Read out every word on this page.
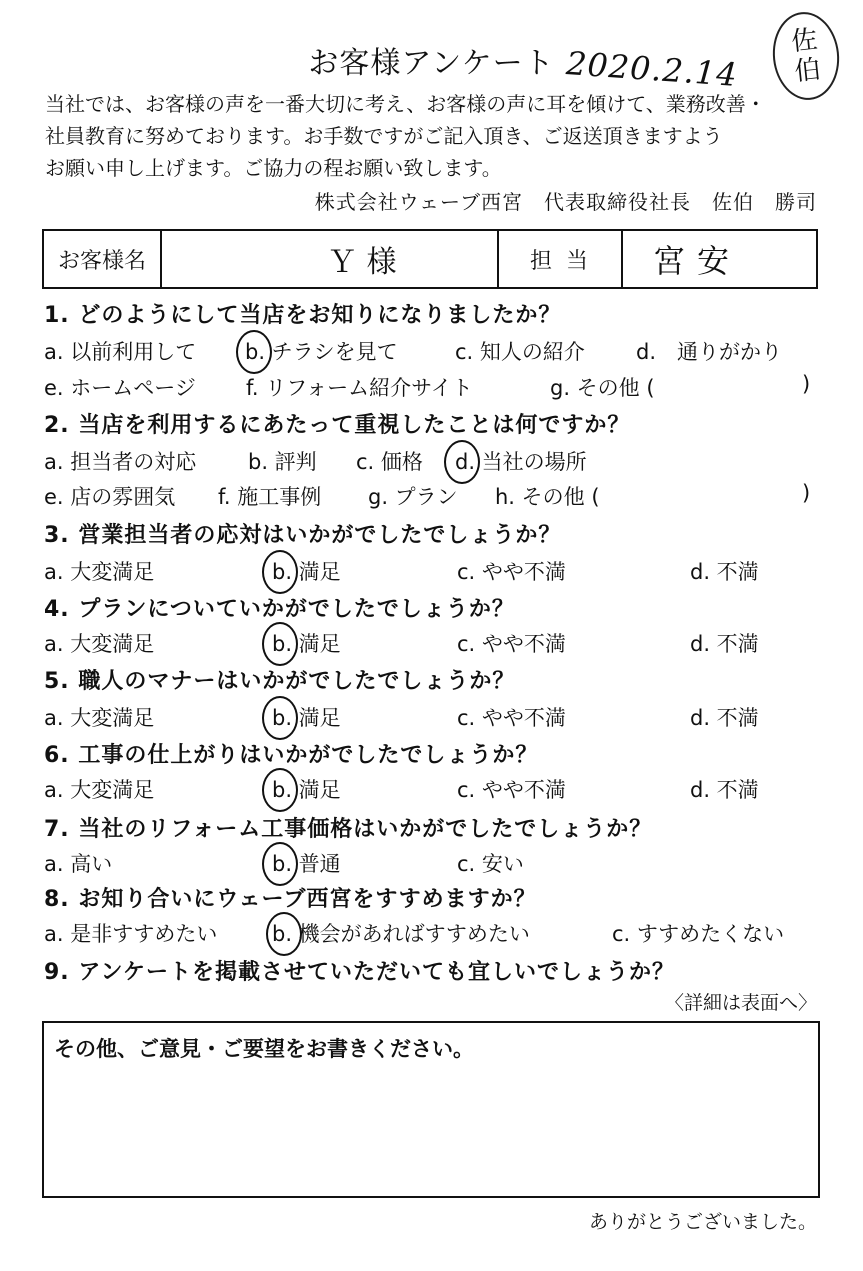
お客様アンケート 2020.2.14
佐
伯
当社では、お客様の声を一番大切に考え、お客様の声に耳を傾けて、業務改善・
社員教育に努めております。お手数ですがご記入頂き、ご返送頂きますよう
お願い申し上げます。ご協力の程お願い致します。
株式会社ウェーブ西宮　代表取締役社長　佐伯　勝司
お客様名	Ｙ 様	担当	宮安
1. どのようにして当店をお知りになりましたか？
a. 以前利用して b. チラシを見て	c. 知人の紹介 d.　通りがかり
e. ホームページ f. リフォーム紹介サイト	g. その他 (	)
2. 当店を利用するにあたって重視したことは何ですか？
a. 担当者の対応 b. 評判 c. 価格 d. 当社の場所
e. 店の雰囲気 f. 施工事例 g. プラン h. その他 (	)
3. 営業担当者の応対はいかがでしたでしょうか？
a. 大変満足	b. 満足	c. やや不満	d. 不満
4. プランについていかがでしたでしょうか？
a. 大変満足	b. 満足	c. やや不満	d. 不満
5. 職人のマナーはいかがでしたでしょうか？
a. 大変満足	b. 満足	c. やや不満	d. 不満
6. 工事の仕上がりはいかがでしたでしょうか？
a. 大変満足	b. 満足	c. やや不満	d. 不満
7. 当社のリフォーム工事価格はいかがでしたでしょうか？
a. 高い	b. 普通	c. 安い
8. お知り合いにウェーブ西宮をすすめますか？
a. 是非すすめたい	b. 機会があればすすめたい	c. すすめたくない
9. アンケートを掲載させていただいても宜しいでしょうか？
〈詳細は表面へ〉
その他、ご意見・ご要望をお書きください。
ありがとうございました。
